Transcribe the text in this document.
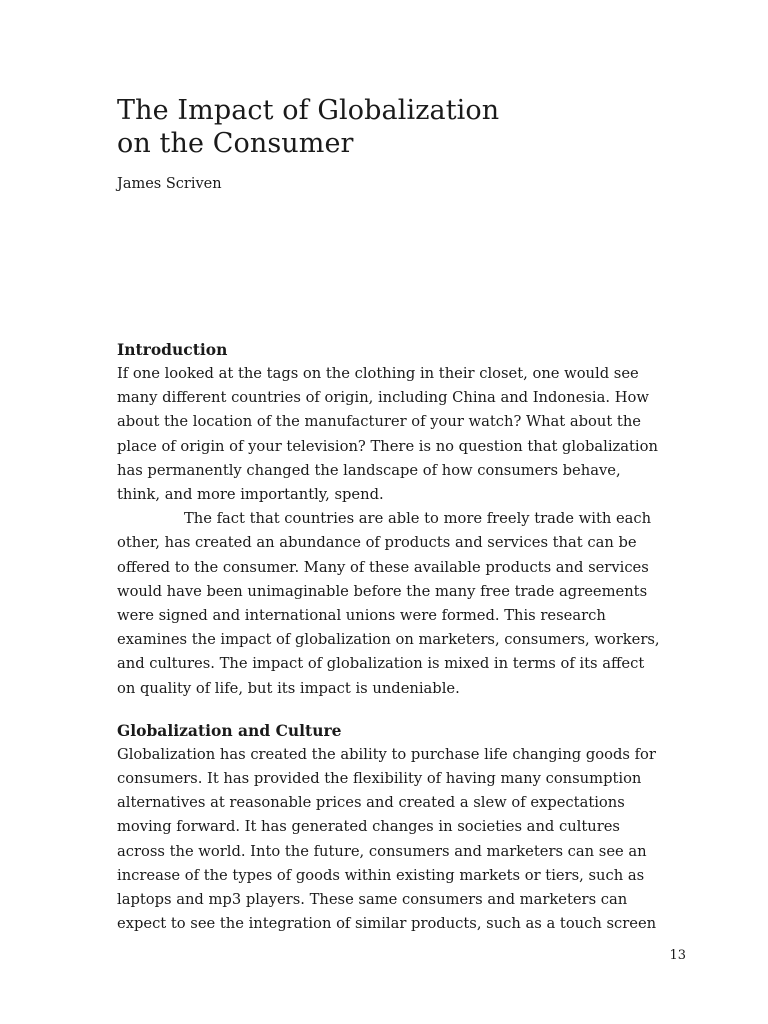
The Impact of Globalization
on the Consumer

James Scriven

Introduction

If one looked at the tags on the clothing in their closet, one would see
many different countries of origin, including China and Indonesia. How
about the location of the manufacturer of your watch? What about the
place of origin of your television? There is no question that globalization
has permanently changed the landscape of how consumers behave,
think, and more importantly, spend.

The fact that countries are able to more freely trade with each
other, has created an abundance of products and services that can be
offered to the consumer. Many of these available products and services
would have been unimaginable before the many free trade agreements
were signed and international unions were formed. This research
examines the impact of globalization on marketers, consumers, workers,
and cultures. The impact of globalization is mixed in terms of its affect
on quality of life, but its impact is undeniable.

Globalization and Culture

Globalization has created the ability to purchase life changing goods for
consumers. It has provided the flexibility of having many consumption
alternatives at reasonable prices and created a slew of expectations
moving forward. It has generated changes in societies and cultures
across the world. Into the future, consumers and marketers can see an
increase of the types of goods within existing markets or tiers, such as
laptops and mp3 players. These same consumers and marketers can
expect to see the integration of similar products, such as a touch screen

13
